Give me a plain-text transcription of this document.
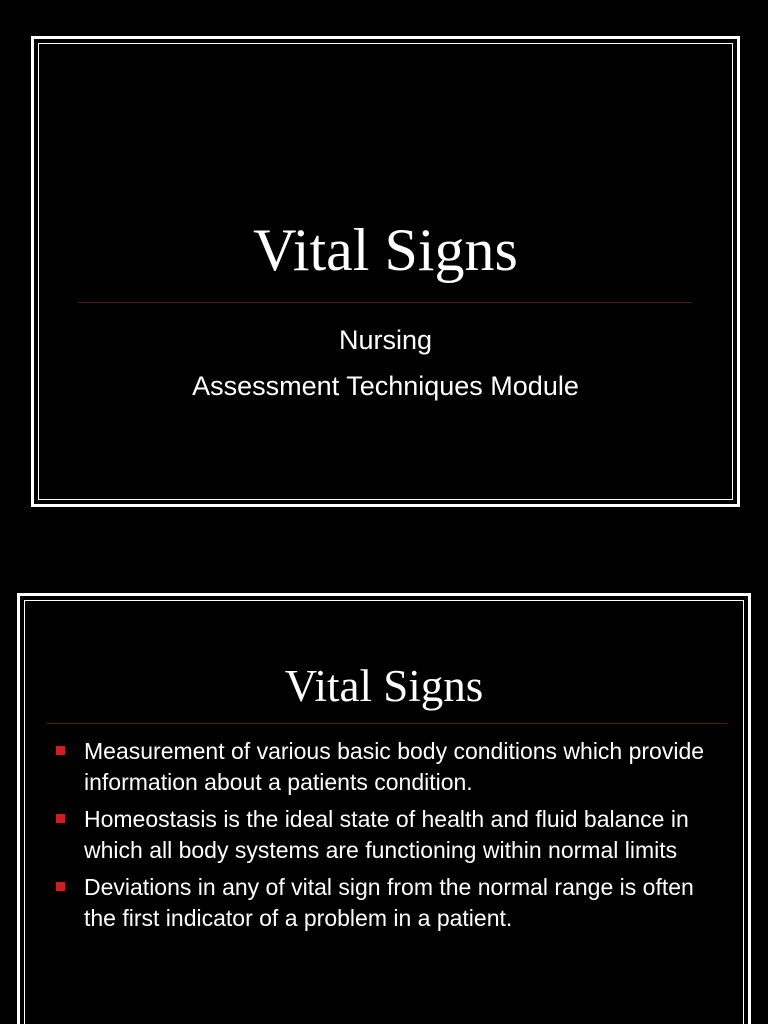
Vital Signs
Nursing
Assessment Techniques Module
Vital Signs
Measurement of various basic body conditions which provide information about a patients condition.
Homeostasis is the ideal state of health and fluid balance in which all body systems are functioning within normal limits
Deviations in any of vital sign from the normal range is often the first indicator of a problem in a patient.
